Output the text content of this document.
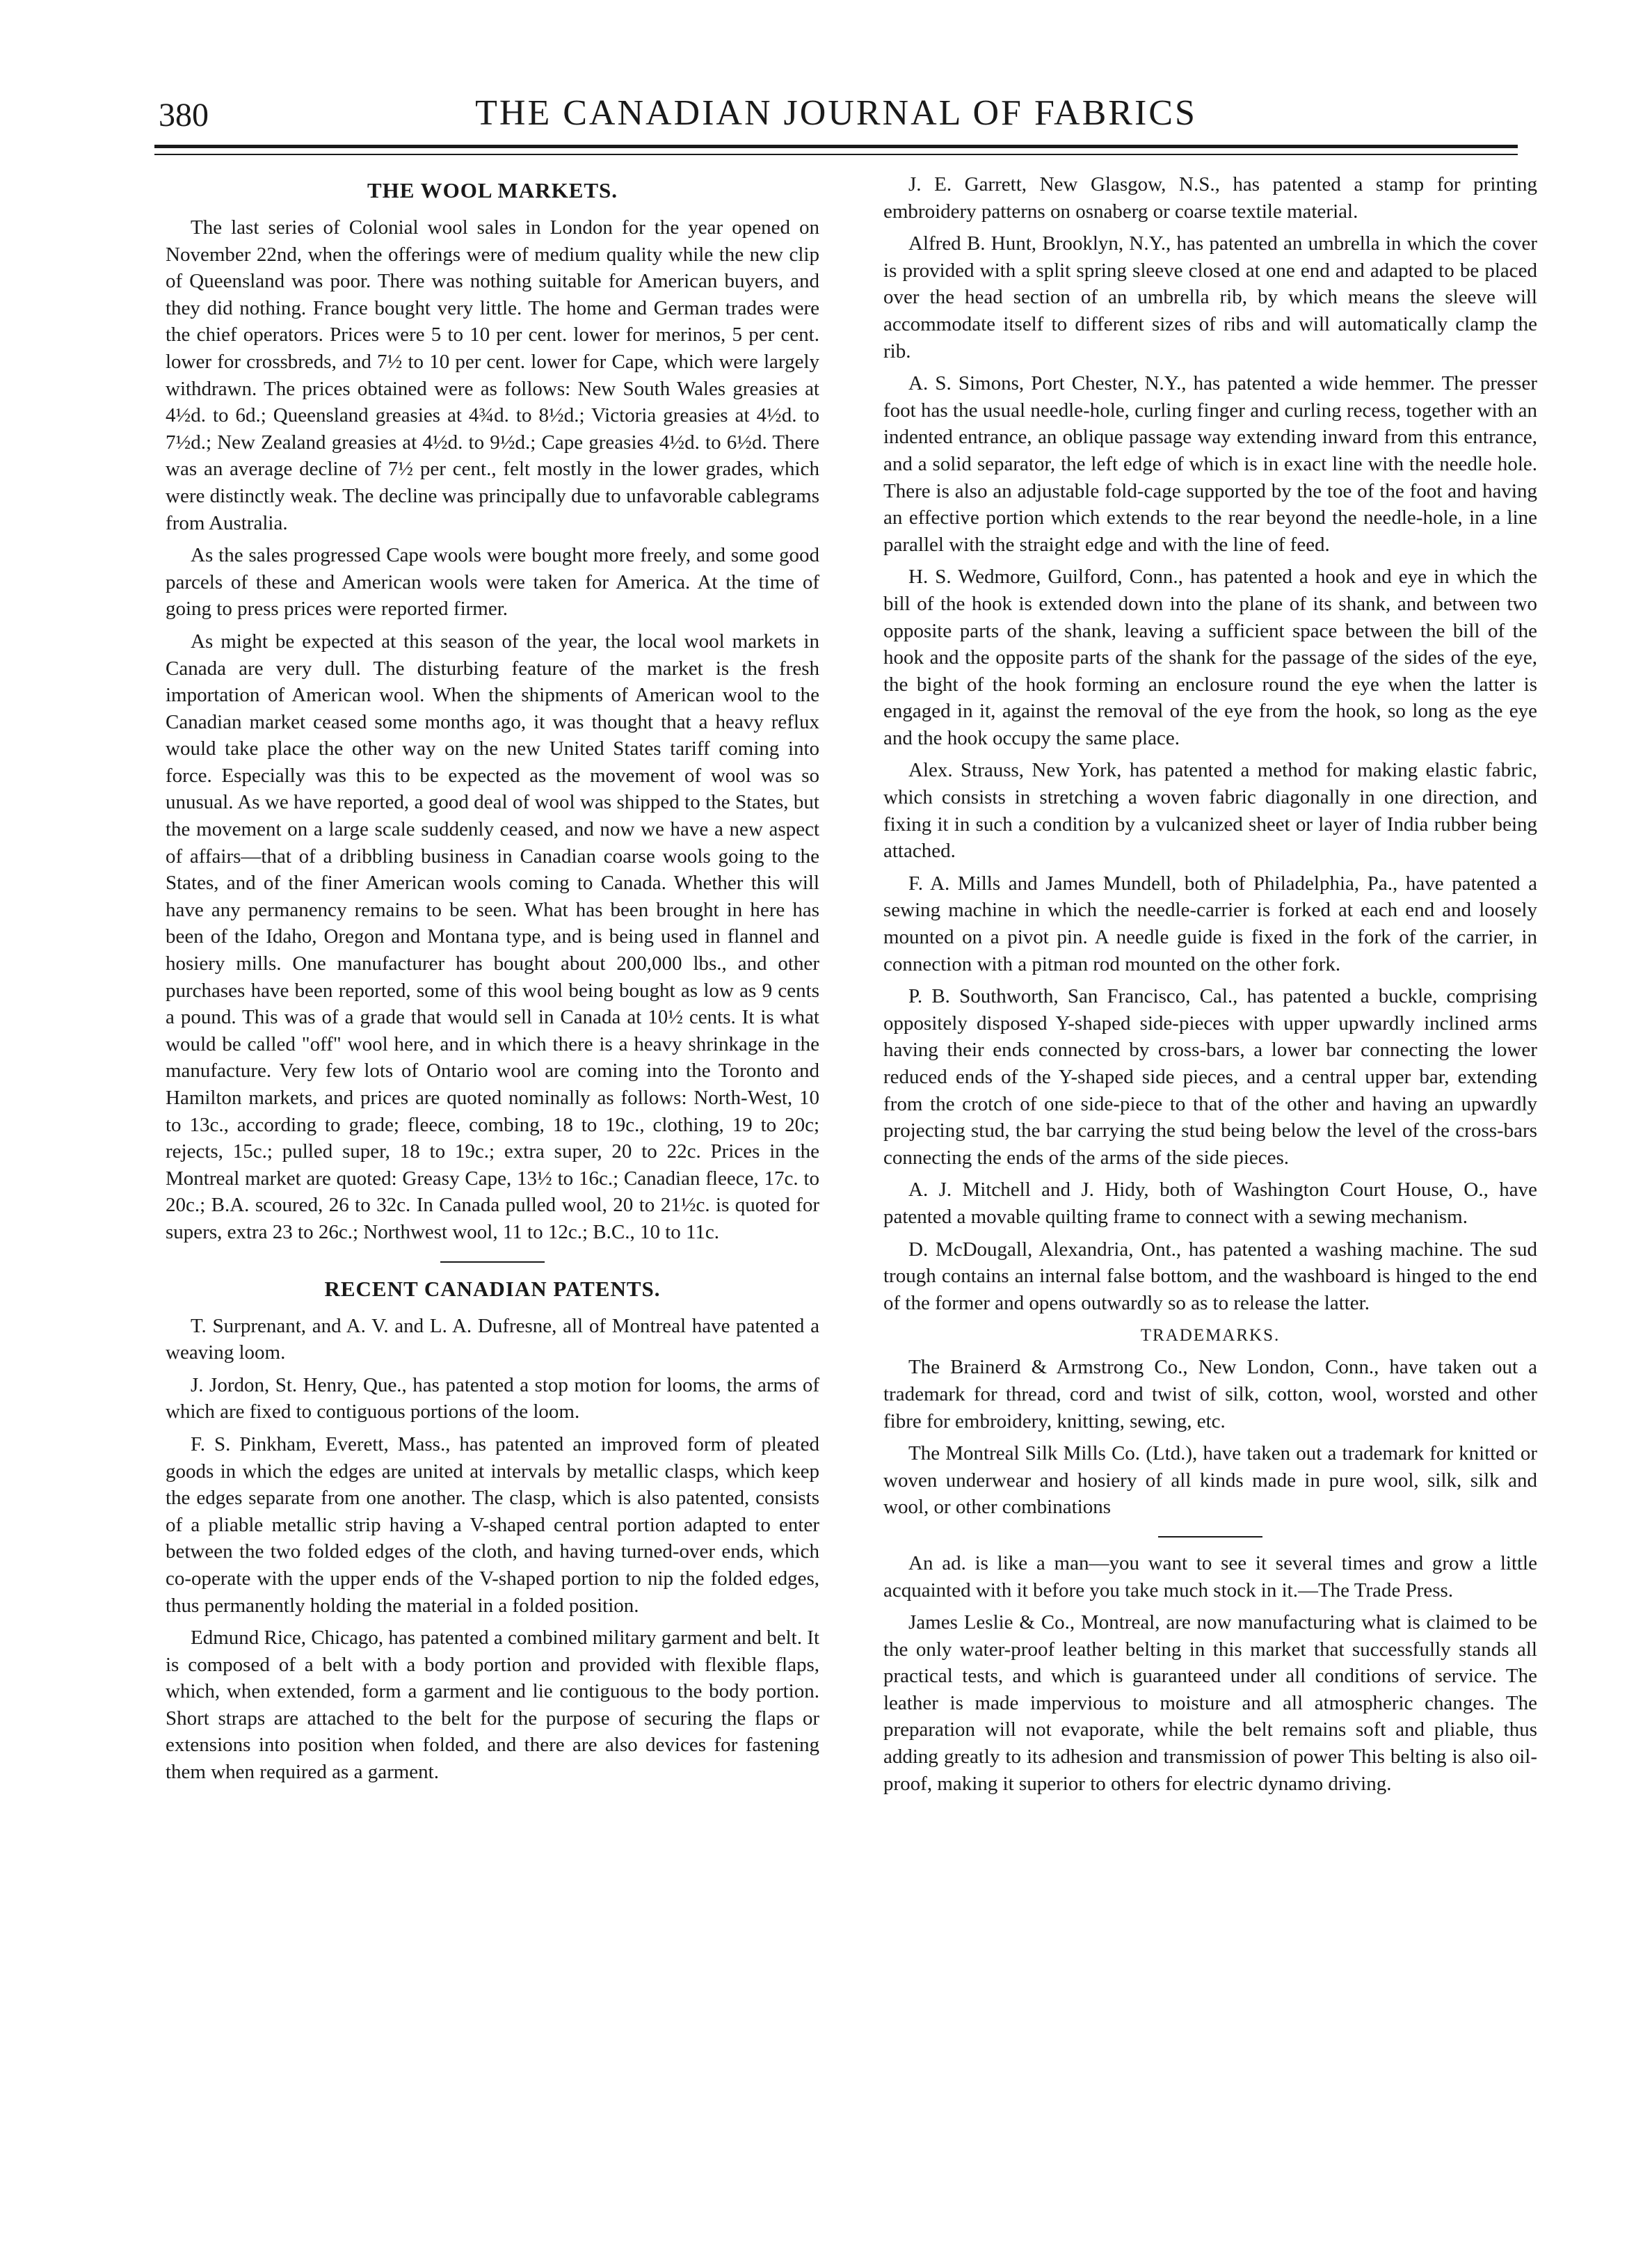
380	THE CANADIAN JOURNAL OF FABRICS
THE WOOL MARKETS.

The last series of Colonial wool sales in London for the year opened on November 22nd, when the offerings were of medium quality while the new clip of Queensland was poor. There was nothing suitable for American buyers, and they did nothing. France bought very little. The home and German trades were the chief operators. Prices were 5 to 10 per cent. lower for merinos, 5 per cent. lower for crossbreds, and 7½ to 10 per cent. lower for Cape, which were largely withdrawn. The prices obtained were as follows: New South Wales greasies at 4½d. to 6d.; Queensland greasies at 4¾d. to 8½d.; Victoria greasies at 4½d. to 7½d.; New Zealand greasies at 4½d. to 9½d.; Cape greasies 4½d. to 6½d. There was an average decline of 7½ per cent., felt mostly in the lower grades, which were distinctly weak. The decline was principally due to unfavorable cablegrams from Australia.

As the sales progressed Cape wools were bought more freely, and some good parcels of these and American wools were taken for America. At the time of going to press prices were reported firmer.

As might be expected at this season of the year, the local wool markets in Canada are very dull. The disturbing feature of the market is the fresh importation of American wool. When the shipments of American wool to the Canadian market ceased some months ago, it was thought that a heavy reflux would take place the other way on the new United States tariff coming into force. Especially was this to be expected as the movement of wool was so unusual. As we have reported, a good deal of wool was shipped to the States, but the movement on a large scale suddenly ceased, and now we have a new aspect of affairs—that of a dribbling business in Canadian coarse wools going to the States, and of the finer American wools coming to Canada. Whether this will have any permanency remains to be seen. What has been brought in here has been of the Idaho, Oregon and Montana type, and is being used in flannel and hosiery mills. One manufacturer has bought about 200,000 lbs., and other purchases have been reported, some of this wool being bought as low as 9 cents a pound. This was of a grade that would sell in Canada at 10½ cents. It is what would be called "off" wool here, and in which there is a heavy shrinkage in the manufacture. Very few lots of Ontario wool are coming into the Toronto and Hamilton markets, and prices are quoted nominally as follows: North-West, 10 to 13c., according to grade; fleece, combing, 18 to 19c., clothing, 19 to 20c; rejects, 15c.; pulled super, 18 to 19c.; extra super, 20 to 22c. Prices in the Montreal market are quoted: Greasy Cape, 13½ to 16c.; Canadian fleece, 17c. to 20c.; B.A. scoured, 26 to 32c. In Canada pulled wool, 20 to 21½c. is quoted for supers, extra 23 to 26c.; Northwest wool, 11 to 12c.; B.C., 10 to 11c.

RECENT CANADIAN PATENTS.

T. Surprenant, and A. V. and L. A. Dufresne, all of Montreal have patented a weaving loom.

J. Jordon, St. Henry, Que., has patented a stop motion for looms, the arms of which are fixed to contiguous portions of the loom.

F. S. Pinkham, Everett, Mass., has patented an improved form of pleated goods in which the edges are united at intervals by metallic clasps, which keep the edges separate from one another. The clasp, which is also patented, consists of a pliable metallic strip having a V-shaped central portion adapted to enter between the two folded edges of the cloth, and having turned-over ends, which co-operate with the upper ends of the V-shaped portion to nip the folded edges, thus permanently holding the material in a folded position.

Edmund Rice, Chicago, has patented a combined military garment and belt. It is composed of a belt with a body portion and provided with flexible flaps, which, when extended, form a garment and lie contiguous to the body portion. Short straps are attached to the belt for the purpose of securing the flaps or extensions into position when folded, and there are also devices for fastening them when required as a garment.

J. E. Garrett, New Glasgow, N.S., has patented a stamp for printing embroidery patterns on osnaberg or coarse textile material.

Alfred B. Hunt, Brooklyn, N.Y., has patented an umbrella in which the cover is provided with a split spring sleeve closed at one end and adapted to be placed over the head section of an umbrella rib, by which means the sleeve will accommodate itself to different sizes of ribs and will automatically clamp the rib.

A. S. Simons, Port Chester, N.Y., has patented a wide hemmer. The presser foot has the usual needle-hole, curling finger and curling recess, together with an indented entrance, an oblique passage way extending inward from this entrance, and a solid separator, the left edge of which is in exact line with the needle hole. There is also an adjustable fold-cage supported by the toe of the foot and having an effective portion which extends to the rear beyond the needle-hole, in a line parallel with the straight edge and with the line of feed.

H. S. Wedmore, Guilford, Conn., has patented a hook and eye in which the bill of the hook is extended down into the plane of its shank, and between two opposite parts of the shank, leaving a sufficient space between the bill of the hook and the opposite parts of the shank for the passage of the sides of the eye, the bight of the hook forming an enclosure round the eye when the latter is engaged in it, against the removal of the eye from the hook, so long as the eye and the hook occupy the same place.

Alex. Strauss, New York, has patented a method for making elastic fabric, which consists in stretching a woven fabric diagonally in one direction, and fixing it in such a condition by a vulcanized sheet or layer of India rubber being attached.

F. A. Mills and James Mundell, both of Philadelphia, Pa., have patented a sewing machine in which the needle-carrier is forked at each end and loosely mounted on a pivot pin. A needle guide is fixed in the fork of the carrier, in connection with a pitman rod mounted on the other fork.

P. B. Southworth, San Francisco, Cal., has patented a buckle, comprising oppositely disposed Y-shaped side-pieces with upper upwardly inclined arms having their ends connected by cross-bars, a lower bar connecting the lower reduced ends of the Y-shaped side pieces, and a central upper bar, extending from the crotch of one side-piece to that of the other and having an upwardly projecting stud, the bar carrying the stud being below the level of the cross-bars connecting the ends of the arms of the side pieces.

A. J. Mitchell and J. Hidy, both of Washington Court House, O., have patented a movable quilting frame to connect with a sewing mechanism.

D. McDougall, Alexandria, Ont., has patented a washing machine. The sud trough contains an internal false bottom, and the washboard is hinged to the end of the former and opens outwardly so as to release the latter.

TRADEMARKS.

The Brainerd & Armstrong Co., New London, Conn., have taken out a trademark for thread, cord and twist of silk, cotton, wool, worsted and other fibre for embroidery, knitting, sewing, etc.

The Montreal Silk Mills Co. (Ltd.), have taken out a trademark for knitted or woven underwear and hosiery of all kinds made in pure wool, silk, silk and wool, or other combinations

An ad. is like a man—you want to see it several times and grow a little acquainted with it before you take much stock in it.—The Trade Press.

James Leslie & Co., Montreal, are now manufacturing what is claimed to be the only water-proof leather belting in this market that successfully stands all practical tests, and which is guaranteed under all conditions of service. The leather is made impervious to moisture and all atmospheric changes. The preparation will not evaporate, while the belt remains soft and pliable, thus adding greatly to its adhesion and transmission of power This belting is also oil-proof, making it superior to others for electric dynamo driving.
